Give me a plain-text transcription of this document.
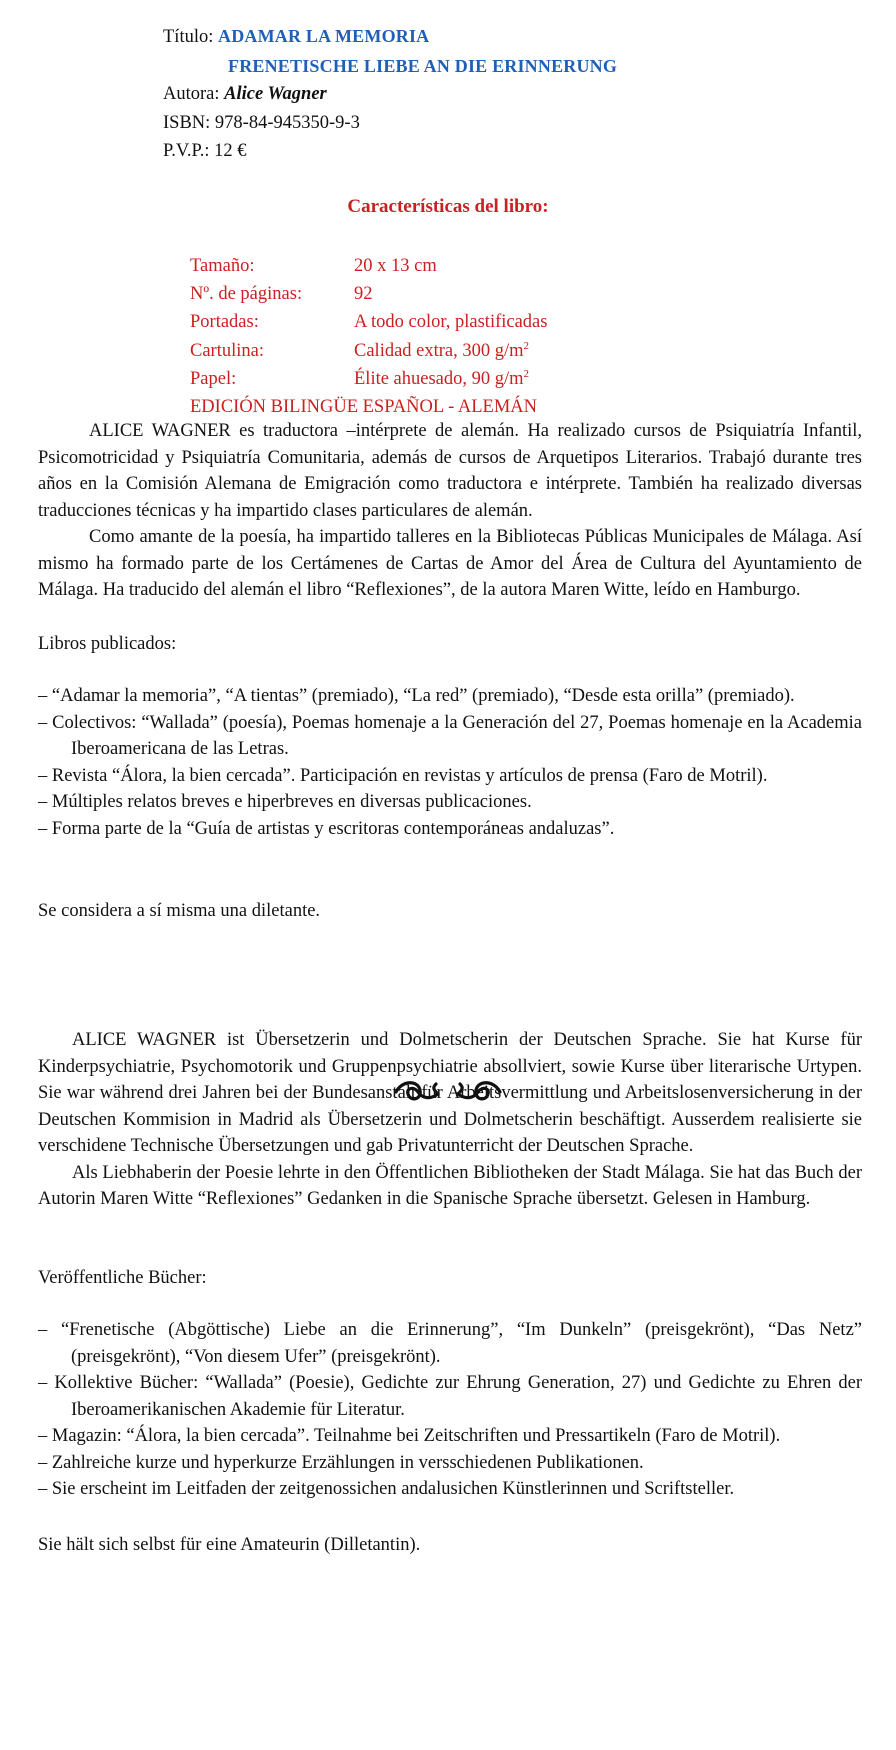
Título: ADAMAR LA MEMORIA
FRENETISCHE LIEBE AN DIE ERINNERUNG
Autora: Alice Wagner
ISBN: 978-84-945350-9-3
P.V.P.: 12 €
Características del libro:
Tamaño:	20 x 13 cm
Nº. de páginas:	92
Portadas:	A todo color, plastificadas
Cartulina:	Calidad extra, 300 $g/m^2$
Papel:	Élite ahuesado, 90 $g/m^2$
EDICIÓN BILINGÜE ESPAÑOL - ALEMÁN

ALICE WAGNER es traductora –intérprete de alemán. Ha realizado cursos de Psiquiatría Infantil, Psicomotricidad y Psiquiatría Comunitaria, además de cursos de Arquetipos Literarios. Trabajó durante tres años en la Comisión Alemana de Emigración como traductora e intérprete. También ha realizado diversas traducciones técnicas y ha impartido clases particulares de alemán.

Como amante de la poesía, ha impartido talleres en la Bibliotecas Públicas Municipales de Málaga. Así mismo ha formado parte de los Certámenes de Cartas de Amor del Área de Cultura del Ayuntamiento de Málaga. Ha traducido del alemán el libro “Reflexiones”, de la autora Maren Witte, leído en Hamburgo.

Libros publicados:

– “Adamar la memoria”, “A tientas” (premiado), “La red” (premiado), “Desde esta orilla” (premiado).
– Colectivos: “Wallada” (poesía), Poemas homenaje a la Generación del 27, Poemas homenaje en la Academia Iberoamericana de las Letras.
– Revista “Álora, la bien cercada”. Participación en revistas y artículos de prensa (Faro de Motril).
– Múltiples relatos breves e hiperbreves en diversas publicaciones.
– Forma parte de la “Guía de artistas y escritoras contemporáneas andaluzas”.

Se considera a sí misma una diletante.

ALICE WAGNER ist Übersetzerin und Dolmetscherin der Deutschen Sprache. Sie hat Kurse für Kinderpsychiatrie, Psychomotorik und Gruppenpsychiatrie absollviert, sowie Kurse über literarische Urtypen. Sie war während drei Jahren bei der Bundesanstalt für Arbeitsvermittlung und Arbeitslosenversicherung in der Deutschen Kommision in Madrid als Übersetzerin und Dolmetscherin beschäftigt. Ausserdem realisierte sie verschidene Technische Übersetzungen und gab Privatunterricht der Deutschen Sprache.

Als Liebhaberin der Poesie lehrte in den Öffentlichen Bibliotheken der Stadt Málaga. Sie hat das Buch der Autorin Maren Witte “Reflexiones” Gedanken in die Spanische Sprache übersetzt. Gelesen in Hamburg.

Veröffentliche Bücher:

– “Frenetische (Abgöttische) Liebe an die Erinnerung”, “Im Dunkeln” (preisgekrönt), “Das Netz” (preisgekrönt), “Von diesem Ufer” (preisgekrönt).
– Kollektive Bücher: “Wallada” (Poesie), Gedichte zur Ehrung Generation, 27) und Gedichte zu Ehren der Iberoamerikanischen Akademie für Literatur.
– Magazin: “Álora, la bien cercada”. Teilnahme bei Zeitschriften und Pressartikeln (Faro de Motril).
– Zahlreiche kurze und hyperkurze Erzählungen in versschiedenen Publikationen.
– Sie erscheint im Leitfaden der zeitgenossichen andalusichen Künstlerinnen und Scriftsteller.

Sie hält sich selbst für eine Amateurin (Dilletantin).
